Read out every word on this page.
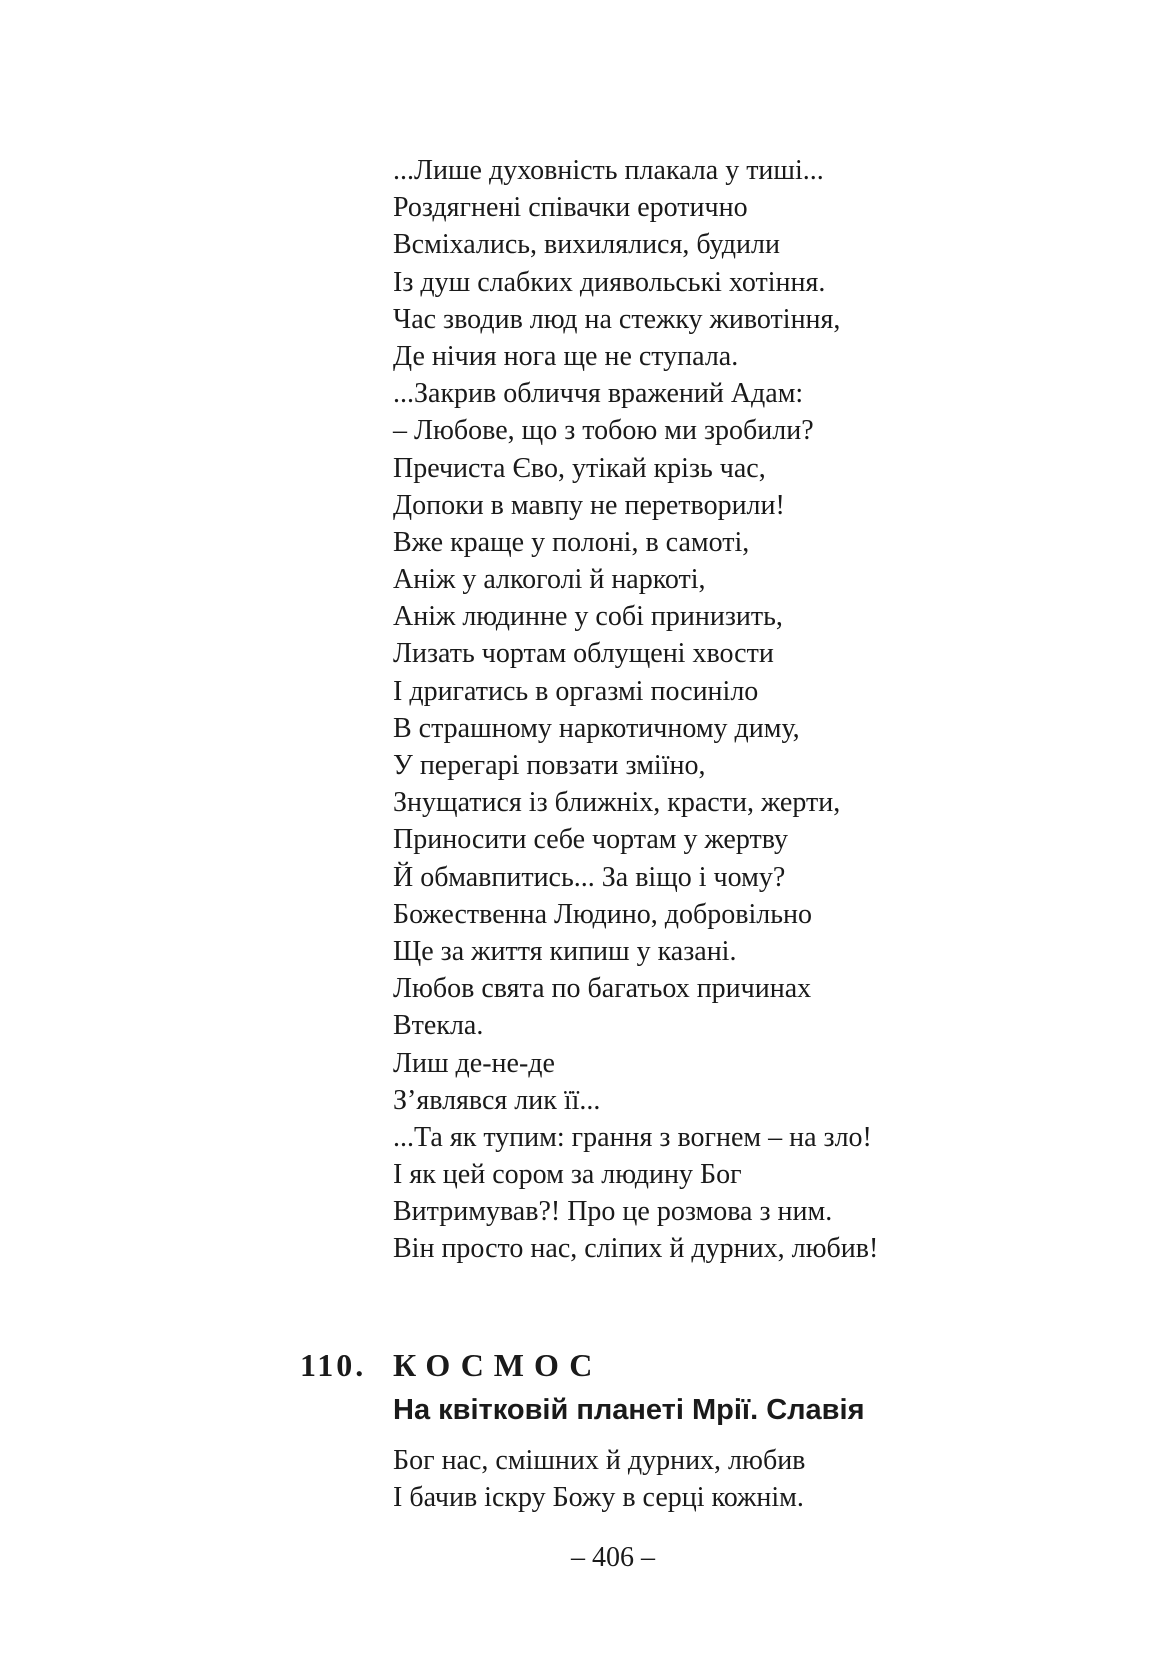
...Лише духовність плакала у тиші...
Роздягнені співачки еротично
Всміхались, вихилялися, будили
Із душ слабких диявольські хотіння.
Час зводив люд на стежку животіння,
Де нічия нога ще не ступала.
...Закрив обличчя вражений Адам:
– Любове, що з тобою ми зробили?
Пречиста Єво, утікай крізь час,
Допоки в мавпу не перетворили!
Вже краще у полоні, в самоті,
Аніж у алкоголі й наркоті,
Аніж людинне у собі принизить,
Лизать чортам облущені хвости
І дригатись в оргазмі посиніло
В страшному наркотичному диму,
У перегарі повзати зміїно,
Знущатися із ближніх, красти, жерти,
Приносити себе чортам у жертву
Й обмавпитись... За віщо і чому?
Божественна Людино, добровільно
Ще за життя кипиш у казані.
Любов свята по багатьох причинах
Втекла.
Лиш де-не-де
З’являвся лик її...
...Та як тупим: грання з вогнем – на зло!
І як цей сором за людину Бог
Витримував?! Про це розмова з ним.
Він просто нас, сліпих й дурних, любив!
110. КОСМОС
На квітковій планеті Мрії. Славія
Бог нас, смішних й дурних, любив
І бачив іскру Божу в серці кожнім.
– 406 –
